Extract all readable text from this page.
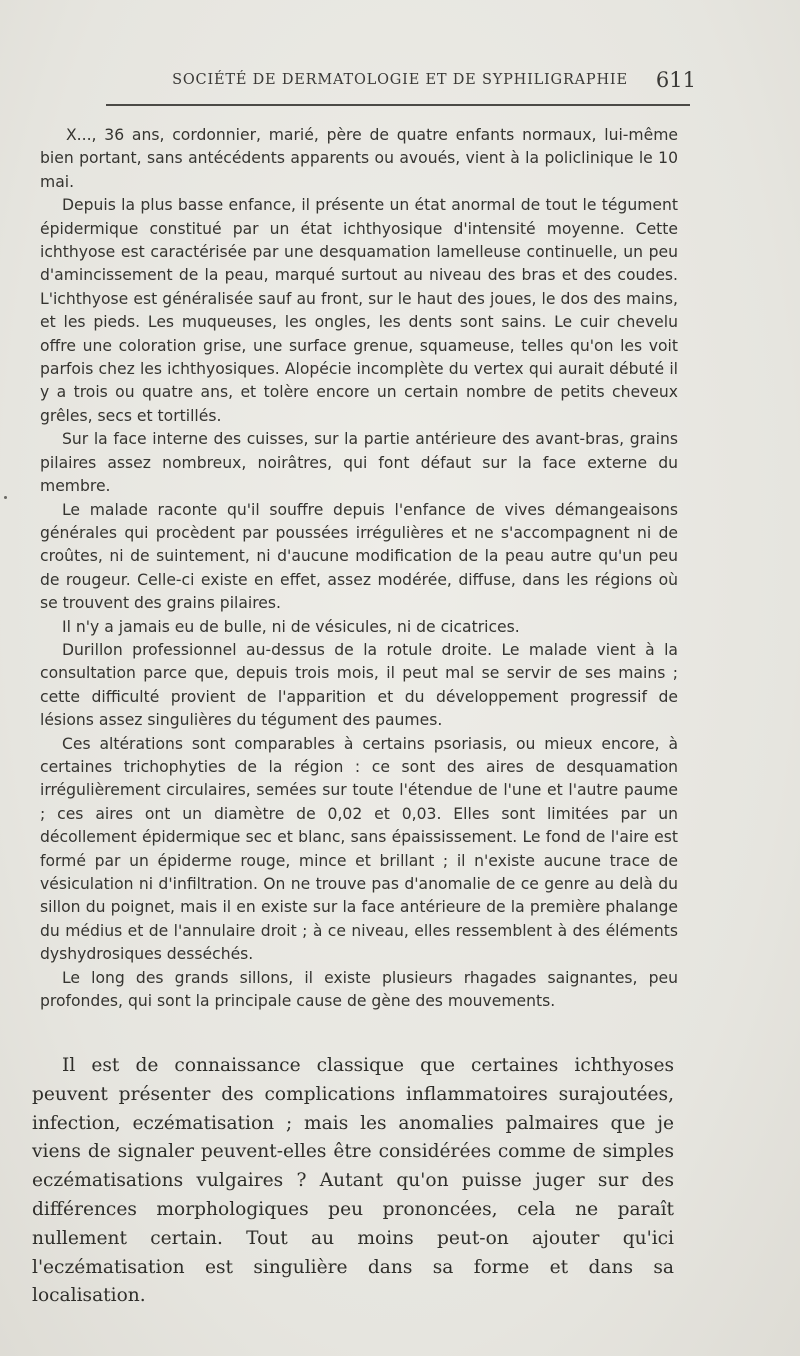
SOCIÉTÉ DE DERMATOLOGIE ET DE SYPHILIGRAPHIE	611

X..., 36 ans, cordonnier, marié, père de quatre enfants normaux, lui-même bien portant, sans antécédents apparents ou avoués, vient à la policlinique le 10 mai.

Depuis la plus basse enfance, il présente un état anormal de tout le tégument épidermique constitué par un état ichthyosique d'intensité moyenne. Cette ichthyose est caractérisée par une desquamation lamelleuse continuelle, un peu d'amincissement de la peau, marqué surtout au niveau des bras et des coudes. L'ichthyose est généralisée sauf au front, sur le haut des joues, le dos des mains, et les pieds. Les muqueuses, les ongles, les dents sont sains. Le cuir chevelu offre une coloration grise, une surface grenue, squameuse, telles qu'on les voit parfois chez les ichthyosiques. Alopécie incomplète du vertex qui aurait débuté il y a trois ou quatre ans, et tolère encore un certain nombre de petits cheveux grêles, secs et tortillés.

Sur la face interne des cuisses, sur la partie antérieure des avant-bras, grains pilaires assez nombreux, noirâtres, qui font défaut sur la face externe du membre.

Le malade raconte qu'il souffre depuis l'enfance de vives démangeaisons générales qui procèdent par poussées irrégulières et ne s'accompagnent ni de croûtes, ni de suintement, ni d'aucune modification de la peau autre qu'un peu de rougeur. Celle-ci existe en effet, assez modérée, diffuse, dans les régions où se trouvent des grains pilaires.

Il n'y a jamais eu de bulle, ni de vésicules, ni de cicatrices.

Durillon professionnel au-dessus de la rotule droite. Le malade vient à la consultation parce que, depuis trois mois, il peut mal se servir de ses mains ; cette difficulté provient de l'apparition et du développement progressif de lésions assez singulières du tégument des paumes.

Ces altérations sont comparables à certains psoriasis, ou mieux encore, à certaines trichophyties de la région : ce sont des aires de desquamation irrégulièrement circulaires, semées sur toute l'étendue de l'une et l'autre paume ; ces aires ont un diamètre de 0,02 et 0,03. Elles sont limitées par un décollement épidermique sec et blanc, sans épaississement. Le fond de l'aire est formé par un épiderme rouge, mince et brillant ; il n'existe aucune trace de vésiculation ni d'infiltration. On ne trouve pas d'anomalie de ce genre au delà du sillon du poignet, mais il en existe sur la face antérieure de la première phalange du médius et de l'annulaire droit ; à ce niveau, elles ressemblent à des éléments dyshydrosiques desséchés.

Le long des grands sillons, il existe plusieurs rhagades saignantes, peu profondes, qui sont la principale cause de gène des mouvements.

Il est de connaissance classique que certaines ichthyoses peuvent présenter des complications inflammatoires surajoutées, infection, eczématisation ; mais les anomalies palmaires que je viens de signaler peuvent-elles être considérées comme de simples eczématisations vulgaires ? Autant qu'on puisse juger sur des différences morphologiques peu prononcées, cela ne paraît nullement certain. Tout au moins peut-on ajouter qu'ici l'eczématisation est singulière dans sa forme et dans sa localisation.
